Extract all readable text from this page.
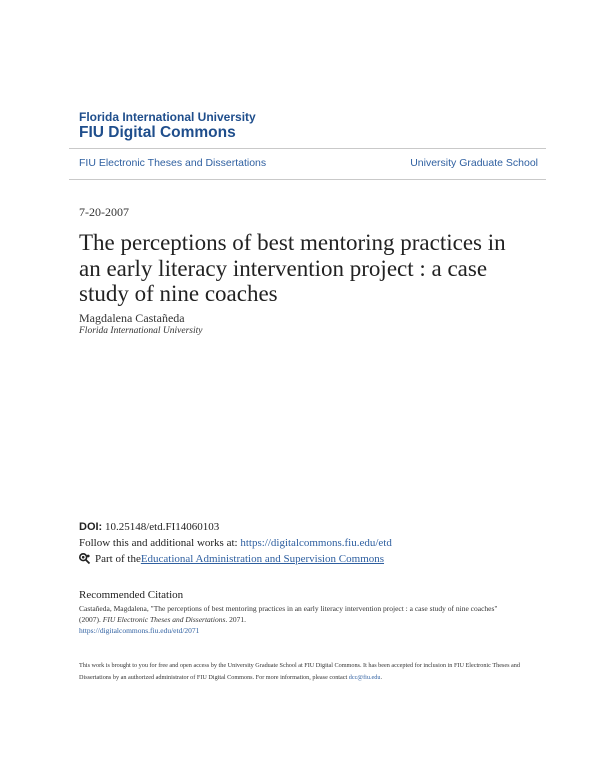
Florida International University
FIU Digital Commons
FIU Electronic Theses and Dissertations	University Graduate School
7-20-2007
The perceptions of best mentoring practices in an early literacy intervention project : a case study of nine coaches
Magdalena Castañeda
Florida International University
DOI: 10.25148/etd.FI14060103
Follow this and additional works at: https://digitalcommons.fiu.edu/etd
Part of the Educational Administration and Supervision Commons
Recommended Citation
Castañeda, Magdalena, "The perceptions of best mentoring practices in an early literacy intervention project : a case study of nine coaches" (2007). FIU Electronic Theses and Dissertations. 2071.
https://digitalcommons.fiu.edu/etd/2071
This work is brought to you for free and open access by the University Graduate School at FIU Digital Commons. It has been accepted for inclusion in FIU Electronic Theses and Dissertations by an authorized administrator of FIU Digital Commons. For more information, please contact dcc@fiu.edu.
